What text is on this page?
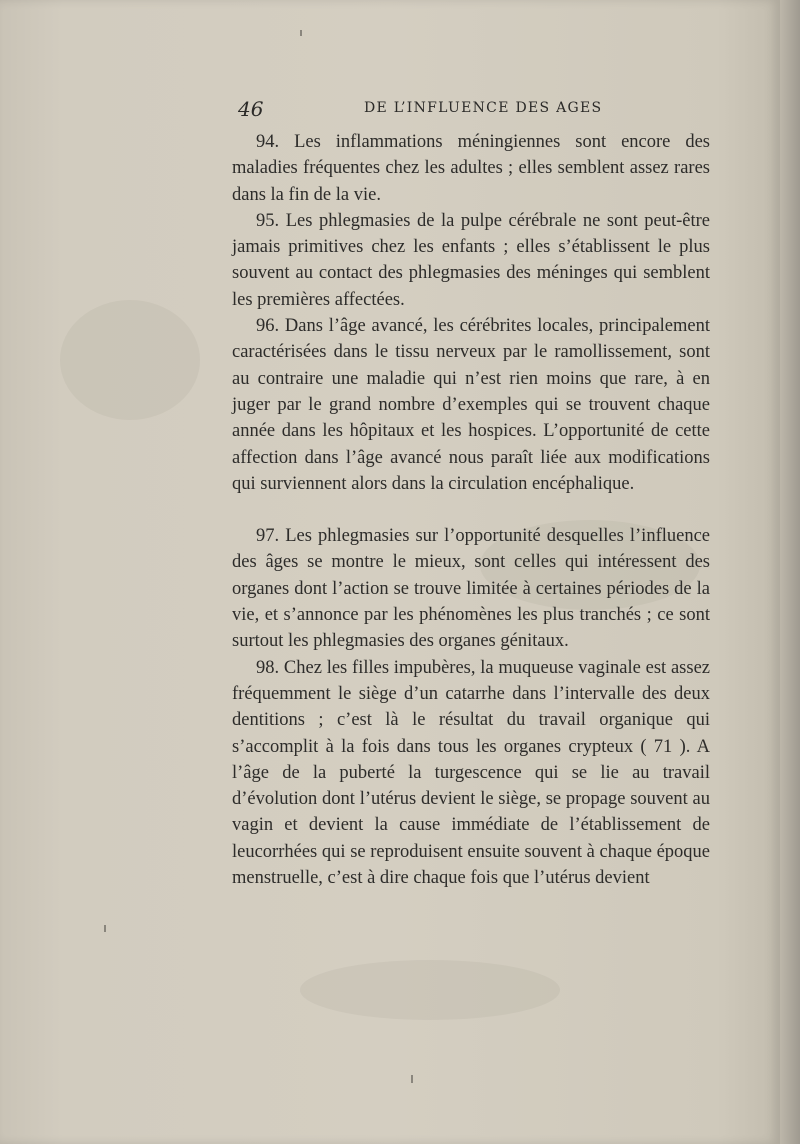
46	DE L’INFLUENCE DES AGES

94. Les inflammations méningiennes sont encore des maladies fréquentes chez les adultes ; elles semblent assez rares dans la fin de la vie.

95. Les phlegmasies de la pulpe cérébrale ne sont peut-être jamais primitives chez les enfants ; elles s’établissent le plus souvent au contact des phlegmasies des méninges qui semblent les premières affectées.

96. Dans l’âge avancé, les cérébrites locales, principalement caractérisées dans le tissu nerveux par le ramollissement, sont au contraire une maladie qui n’est rien moins que rare, à en juger par le grand nombre d’exemples qui se trouvent chaque année dans les hôpitaux et les hospices. L’opportunité de cette affection dans l’âge avancé nous paraît liée aux modifications qui surviennent alors dans la circulation encéphalique.

97. Les phlegmasies sur l’opportunité desquelles l’influence des âges se montre le mieux, sont celles qui intéressent des organes dont l’action se trouve limitée à certaines périodes de la vie, et s’annonce par les phénomènes les plus tranchés ; ce sont surtout les phlegmasies des organes génitaux.

98. Chez les filles impubères, la muqueuse vaginale est assez fréquemment le siège d’un catarrhe dans l’intervalle des deux dentitions ; c’est là le résultat du travail organique qui s’accomplit à la fois dans tous les organes crypteux ( 71 ). A l’âge de la puberté la turgescence qui se lie au travail d’évolution dont l’utérus devient le siège, se propage souvent au vagin et devient la cause immédiate de l’établissement de leucorrhées qui se reproduisent ensuite souvent à chaque époque menstruelle, c’est à dire chaque fois que l’utérus devient
